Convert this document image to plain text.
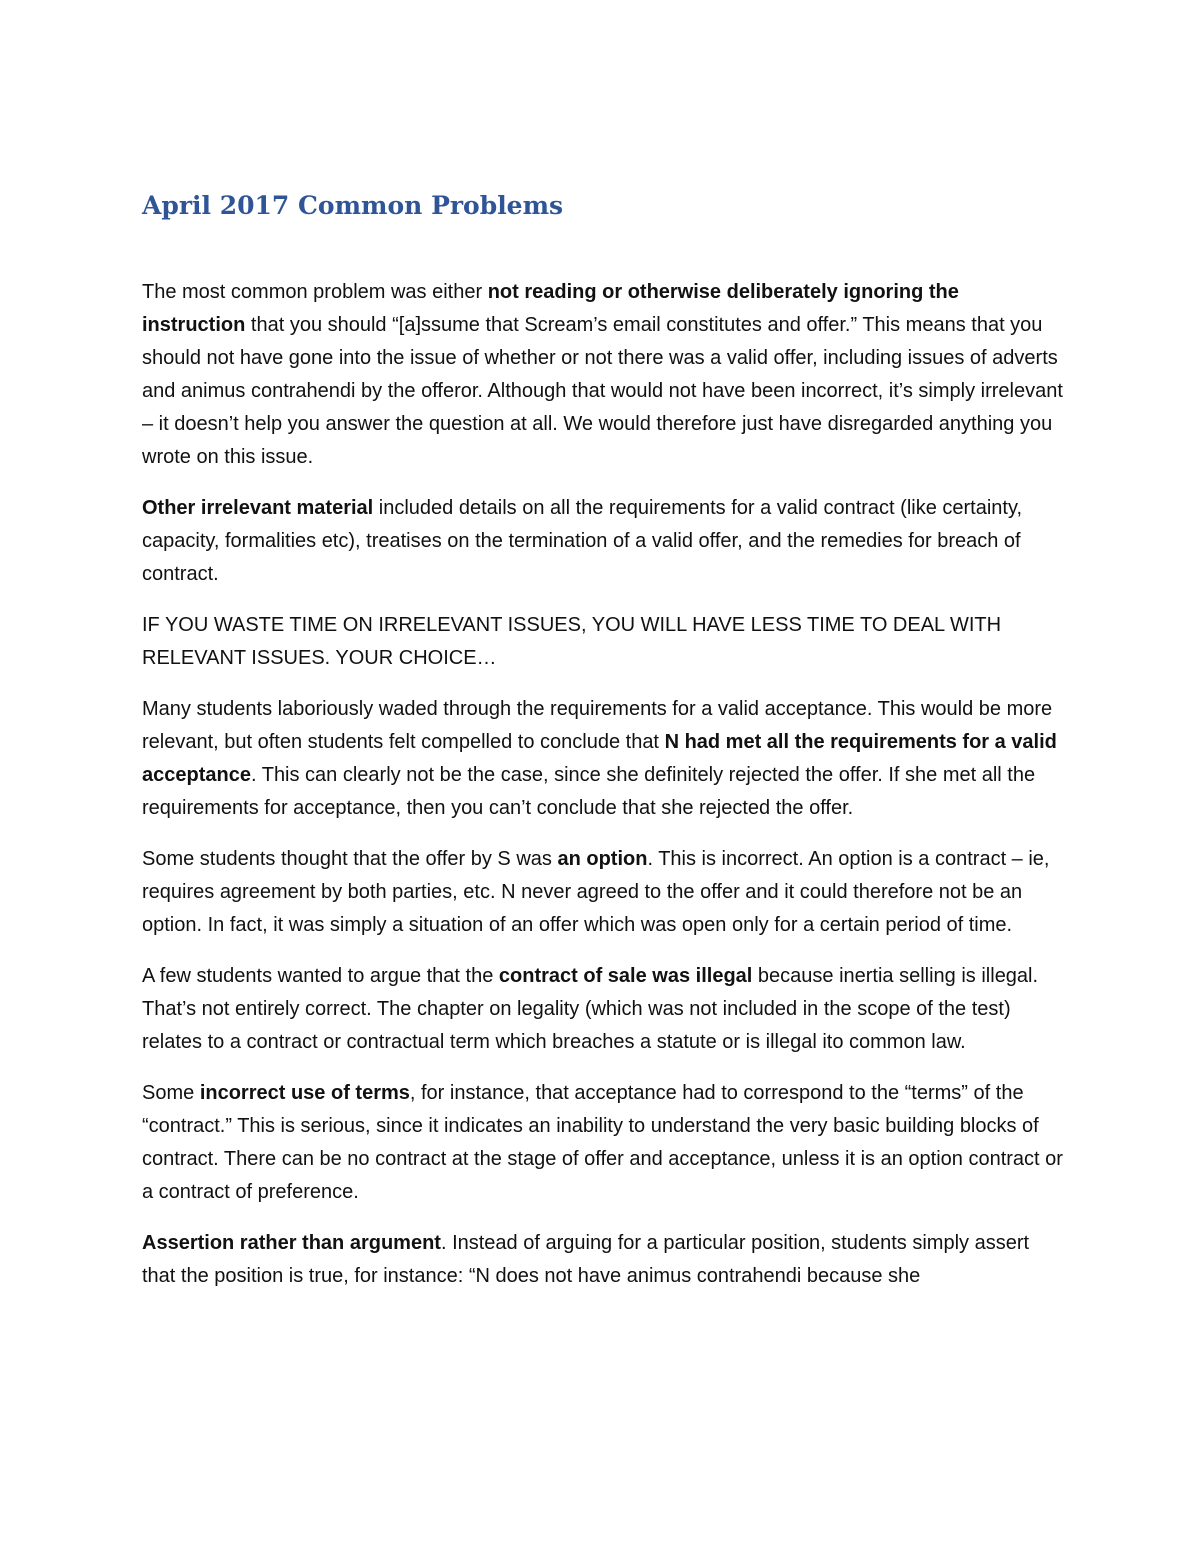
April 2017 Common Problems

The most common problem was either not reading or otherwise deliberately ignoring the instruction that you should “[a]ssume that Scream’s email constitutes and offer.” This means that you should not have gone into the issue of whether or not there was a valid offer, including issues of adverts and animus contrahendi by the offeror. Although that would not have been incorrect, it’s simply irrelevant – it doesn’t help you answer the question at all. We would therefore just have disregarded anything you wrote on this issue.

Other irrelevant material included details on all the requirements for a valid contract (like certainty, capacity, formalities etc), treatises on the termination of a valid offer, and the remedies for breach of contract.

IF YOU WASTE TIME ON IRRELEVANT ISSUES, YOU WILL HAVE LESS TIME TO DEAL WITH RELEVANT ISSUES. YOUR CHOICE…

Many students laboriously waded through the requirements for a valid acceptance. This would be more relevant, but often students felt compelled to conclude that N had met all the requirements for a valid acceptance. This can clearly not be the case, since she definitely rejected the offer. If she met all the requirements for acceptance, then you can’t conclude that she rejected the offer.

Some students thought that the offer by S was an option. This is incorrect. An option is a contract – ie, requires agreement by both parties, etc. N never agreed to the offer and it could therefore not be an option. In fact, it was simply a situation of an offer which was open only for a certain period of time.

A few students wanted to argue that the contract of sale was illegal because inertia selling is illegal. That’s not entirely correct. The chapter on legality (which was not included in the scope of the test) relates to a contract or contractual term which breaches a statute or is illegal ito common law.

Some incorrect use of terms, for instance, that acceptance had to correspond to the “terms” of the “contract.” This is serious, since it indicates an inability to understand the very basic building blocks of contract. There can be no contract at the stage of offer and acceptance, unless it is an option contract or a contract of preference.

Assertion rather than argument. Instead of arguing for a particular position, students simply assert that the position is true, for instance: “N does not have animus contrahendi because she
